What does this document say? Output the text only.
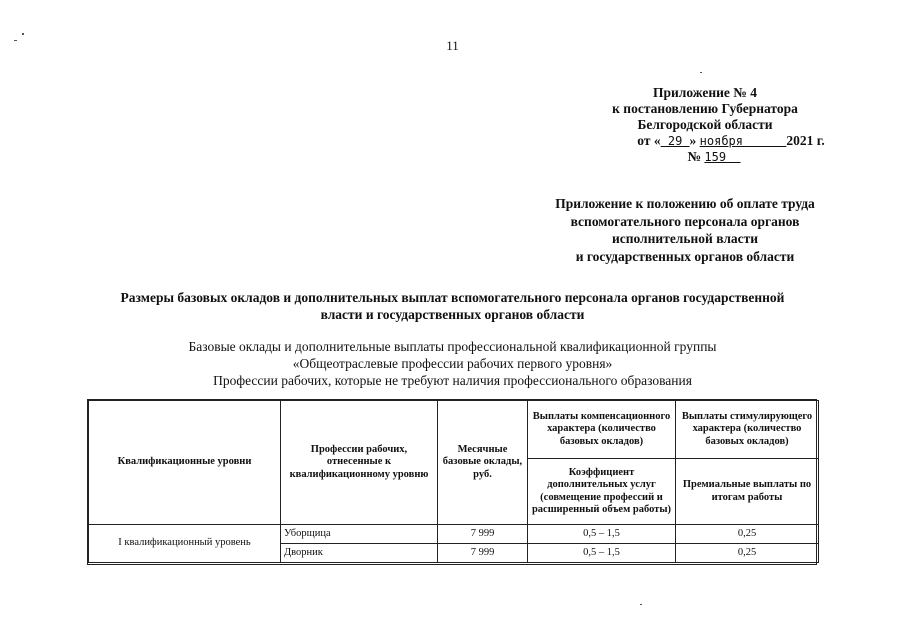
11
Приложение № 4
к постановлению Губернатора
Белгородской области
от « 29 » ноября      2021 г.
№ 159
Приложение к положению об оплате труда
вспомогательного персонала органов
исполнительной власти
и государственных органов области
Размеры базовых окладов и дополнительных выплат вспомогательного персонала органов государственной
власти и государственных органов области
Базовые оклады и дополнительные выплаты профессиональной квалификационной группы
«Общеотраслевые профессии рабочих первого уровня»
Профессии рабочих, которые не требуют наличия профессионального образования
Квалификационные уровни	Профессии рабочих, отнесенные к квалификационному уровню	Месячные базовые оклады, руб.	Выплаты компенсационного характера (количество базовых окладов)	Выплаты стимулирующего характера (количество базовых окладов)
			Коэффициент дополнительных услуг (совмещение профессий и расширенный объем работы)	Премиальные выплаты по итогам работы
I квалификационный уровень	Уборщица	7 999	0,5 – 1,5	0,25
	Дворник	7 999	0,5 – 1,5	0,25
